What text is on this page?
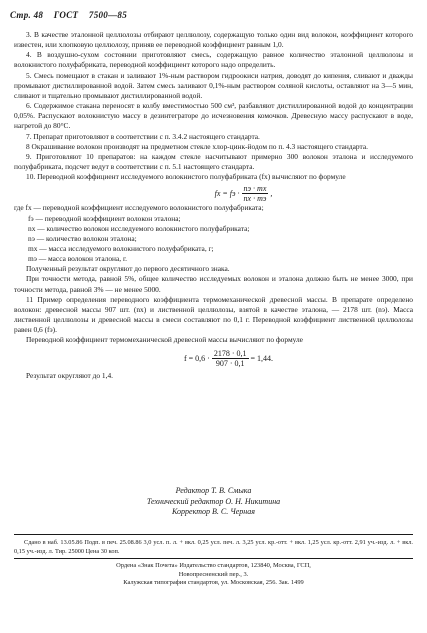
Стр. 48 ГОСТ 7500—85

3. В качестве эталонной целлюлозы отбирают целлюлозу, содержащую только один вид волокон, коэффициент которого известен, или хлопковую целлюлозу, приняв ее переводной коэффициент равным 1,0.

4. В воздушно-сухом состоянии приготовляют смесь, содержащую равное количество эталонной целлюлозы и волокнистого полуфабриката, переводной коэффициент которого надо определить.

5. Смесь помещают в стакан и заливают 1%-ным раствором гидроокиси натрия, доводят до кипения, сливают и дважды промывают дистиллированной водой. Затем смесь заливают 0,1%-ным раствором соляной кислоты, оставляют на 3—5 мин, сливают и тщательно промывают дистиллированной водой.

6. Содержимое стакана переносят в колбу вместимостью 500 см³, разбавляют дистиллированной водой до концентрации 0,05%. Распускают волокнистую массу в дезинтеграторе до исчезновения комочков. Древесную массу распускают в воде, нагретой до 80°С.

7. Препарат приготовляют в соответствии с п. 3.4.2 настоящего стандарта.

8 Окрашивание волокон производят на предметном стекле хлор-цинк-йодом по п. 4.3 настоящего стандарта.

9. Приготовляют 10 препаратов: на каждом стекле насчитывают примерно 300 волокон эталона и исследуемого полуфабриката, подсчет ведут в соответствии с п. 5.1 настоящего стандарта.

10. Переводной коэффициент исследуемого волокнистого полуфабриката (fx) вычисляют по формуле

fx = fэ · $\frac{nэ \cdot mx}{nx \cdot mэ}$ ,

где fx — переводной коэффициент исследуемого волокнистого полуфабриката;

fэ — переводной коэффициент волокон эталона;

nx — количество волокон исследуемого волокнистого полуфабриката;

nэ — количество волокон эталона;

mx — масса исследуемого волокнистого полуфабриката, г;

mэ — масса волокон эталона, г.

Полученный результат округляют до первого десятичного знака.

При точности метода, равной 5%, общее количество исследуемых волокон и эталона должно быть не менее 3000, при точности метода, равной 3% — не менее 5000.

11 Пример определения переводного коэффициента термомеханической древесной массы. В препарате определено волокон: древесной массы 907 шт. (nx) и лиственной целлюлозы, взятой в качестве эталона, — 2178 шт. (nэ). Масса лиственной целлюлозы и древесной массы в смеси составляют по 0,1 г. Переводной коэффициент лиственной целлюлозы равен 0,6 (fэ).

Переводной коэффициент термомеханической древесной массы вычисляют по формуле

$f = 0,6 \cdot \frac{2178 \cdot 0,1}{907 \cdot 0,1} = 1,44$.

Результат округляют до 1,4.

Редактор Т. В. Смыка
Технический редактор О. Н. Никитина
Корректор В. С. Черная

Сдано в наб. 13.05.86 Подп. в печ. 25.08.86 3,0 усл. п. л. + вкл. 0,25 усл. печ. л. 3,25 усл. кр.-отт. + вкл. 1,25 усл. кр.-отт. 2,91 уч.-изд. л. + вкл. 0,15 уч.-изд. л. Тир. 25000 Цена 30 коп.

Ордена «Знак Почета» Издательство стандартов, 123840, Москва, ГСП,
Новопресненский пер., 3.
Калужская типография стандартов, ул. Московская, 256. Зак. 1499
